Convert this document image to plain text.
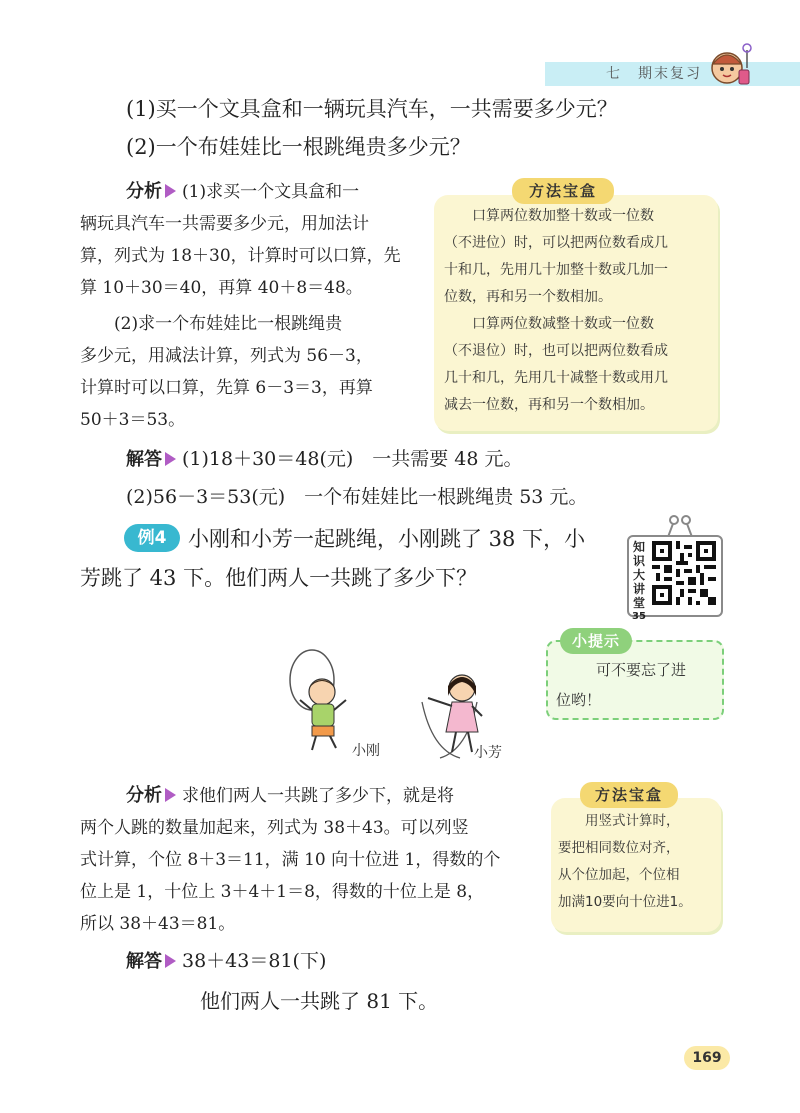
七　期末复习
(1)买一个文具盒和一辆玩具汽车，一共需要多少元？
(2)一个布娃娃比一根跳绳贵多少元？
分析 (1)求买一个文具盒和一
辆玩具汽车一共需要多少元，用加法计
算，列式为 18＋30，计算时可以口算，先
算 10＋30＝40，再算 40＋8＝48。
(2)求一个布娃娃比一根跳绳贵
多少元，用减法计算，列式为 56－3，
计算时可以口算，先算 6－3＝3，再算
50＋3＝53。
方法宝盒
口算两位数加整十数或一位数
（不进位）时，可以把两位数看成几
十和几，先用几十加整十数或几加一
位数，再和另一个数相加。
口算两位数减整十数或一位数
（不退位）时，也可以把两位数看成
几十和几，先用几十减整十数或用几
减去一位数，再和另一个数相加。
解答 (1)18＋30＝48(元)　一共需要 48 元。
(2)56－3＝53(元)　一个布娃娃比一根跳绳贵 53 元。
例4	小刚和小芳一起跳绳，小刚跳了 38 下，小
芳跳了 43 下。他们两人一共跳了多少下？
知
识
大
讲
堂
35
小提示
可不要忘了进
位哟！
小刚	小芳
分析 求他们两人一共跳了多少下，就是将
两个人跳的数量加起来，列式为 38＋43。可以列竖
式计算，个位 8＋3＝11，满 10 向十位进 1，得数的个
位上是 1，十位上 3＋4＋1＝8，得数的十位上是 8，
所以 38＋43＝81。
方法宝盒
用竖式计算时，
要把相同数位对齐，
从个位加起，个位相
加满10要向十位进1。
解答 38＋43＝81(下)
他们两人一共跳了 81 下。
169
